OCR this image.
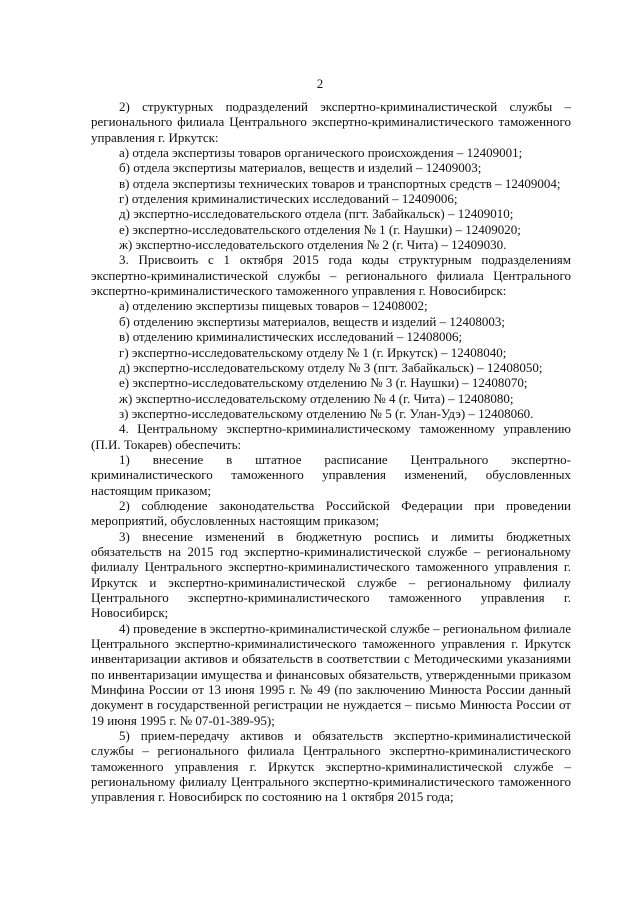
2
2) структурных подразделений экспертно-криминалистической службы – регионального филиала Центрального экспертно-криминалистического таможенного управления г. Иркутск:
а) отдела экспертизы товаров органического происхождения – 12409001;
б) отдела экспертизы материалов, веществ и изделий – 12409003;
в) отдела экспертизы технических товаров и транспортных средств – 12409004;
г) отделения криминалистических исследований – 12409006;
д) экспертно-исследовательского отдела (пгт. Забайкальск) – 12409010;
е) экспертно-исследовательского отделения № 1 (г. Наушки) – 12409020;
ж) экспертно-исследовательского отделения № 2 (г. Чита) – 12409030.
3. Присвоить с 1 октября 2015 года коды структурным подразделениям экспертно-криминалистической службы – регионального филиала Центрального экспертно-криминалистического таможенного управления г. Новосибирск:
а) отделению экспертизы пищевых товаров – 12408002;
б) отделению экспертизы материалов, веществ и изделий – 12408003;
в) отделению криминалистических исследований – 12408006;
г) экспертно-исследовательскому отделу № 1 (г. Иркутск) – 12408040;
д) экспертно-исследовательскому отделу № 3 (пгт. Забайкальск) – 12408050;
е) экспертно-исследовательскому отделению № 3 (г. Наушки) – 12408070;
ж) экспертно-исследовательскому отделению № 4 (г. Чита) – 12408080;
з) экспертно-исследовательскому отделению № 5 (г. Улан-Удэ) – 12408060.
4. Центральному экспертно-криминалистическому таможенному управлению (П.И. Токарев) обеспечить:
1) внесение в штатное расписание Центрального экспертно-криминалистического таможенного управления изменений, обусловленных настоящим приказом;
2) соблюдение законодательства Российской Федерации при проведении мероприятий, обусловленных настоящим приказом;
3) внесение изменений в бюджетную роспись и лимиты бюджетных обязательств на 2015 год экспертно-криминалистической службе – региональному филиалу Центрального экспертно-криминалистического таможенного управления г. Иркутск и экспертно-криминалистической службе – региональному филиалу Центрального экспертно-криминалистического таможенного управления г. Новосибирск;
4) проведение в экспертно-криминалистической службе – региональном филиале Центрального экспертно-криминалистического таможенного управления г. Иркутск инвентаризации активов и обязательств в соответствии с Методическими указаниями по инвентаризации имущества и финансовых обязательств, утвержденными приказом Минфина России от 13 июня 1995 г. № 49 (по заключению Минюста России данный документ в государственной регистрации не нуждается – письмо Минюста России от 19 июня 1995 г. № 07-01-389-95);
5) прием-передачу активов и обязательств экспертно-криминалистической службы – регионального филиала Центрального экспертно-криминалистического таможенного управления г. Иркутск экспертно-криминалистической службе – региональному филиалу Центрального экспертно-криминалистического таможенного управления г. Новосибирск по состоянию на 1 октября 2015 года;
